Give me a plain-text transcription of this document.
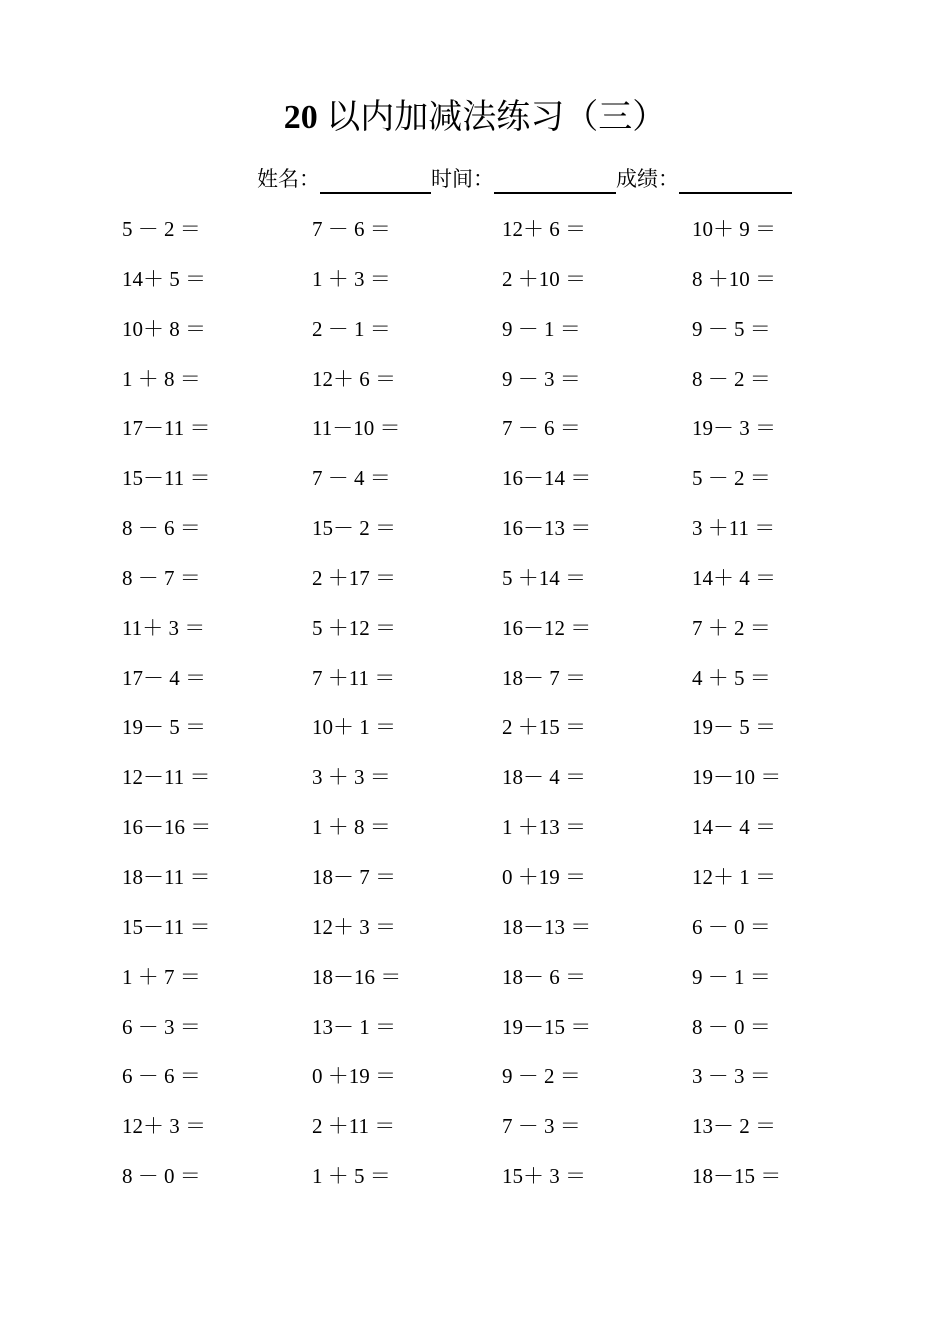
20 以内加减法练习（三）
姓名：	时间：	成绩：
5 － 2 ＝	7 － 6 ＝	12＋ 6 ＝	10＋ 9 ＝
14＋ 5 ＝	1 ＋ 3 ＝	2 ＋10 ＝	8 ＋10 ＝
10＋ 8 ＝	2 － 1 ＝	9 － 1 ＝	9 － 5 ＝
1 ＋ 8 ＝	12＋ 6 ＝	9 － 3 ＝	8 － 2 ＝
17－11 ＝	11－10 ＝	7 － 6 ＝	19－ 3 ＝
15－11 ＝	7 － 4 ＝	16－14 ＝	5 － 2 ＝
8 － 6 ＝	15－ 2 ＝	16－13 ＝	3 ＋11 ＝
8 － 7 ＝	2 ＋17 ＝	5 ＋14 ＝	14＋ 4 ＝
11＋ 3 ＝	5 ＋12 ＝	16－12 ＝	7 ＋ 2 ＝
17－ 4 ＝	7 ＋11 ＝	18－ 7 ＝	4 ＋ 5 ＝
19－ 5 ＝	10＋ 1 ＝	2 ＋15 ＝	19－ 5 ＝
12－11 ＝	3 ＋ 3 ＝	18－ 4 ＝	19－10 ＝
16－16 ＝	1 ＋ 8 ＝	1 ＋13 ＝	14－ 4 ＝
18－11 ＝	18－ 7 ＝	0 ＋19 ＝	12＋ 1 ＝
15－11 ＝	12＋ 3 ＝	18－13 ＝	6 － 0 ＝
1 ＋ 7 ＝	18－16 ＝	18－ 6 ＝	9 － 1 ＝
6 － 3 ＝	13－ 1 ＝	19－15 ＝	8 － 0 ＝
6 － 6 ＝	0 ＋19 ＝	9 － 2 ＝	3 － 3 ＝
12＋ 3 ＝	2 ＋11 ＝	7 － 3 ＝	13－ 2 ＝
8 － 0 ＝	1 ＋ 5 ＝	15＋ 3 ＝	18－15 ＝
